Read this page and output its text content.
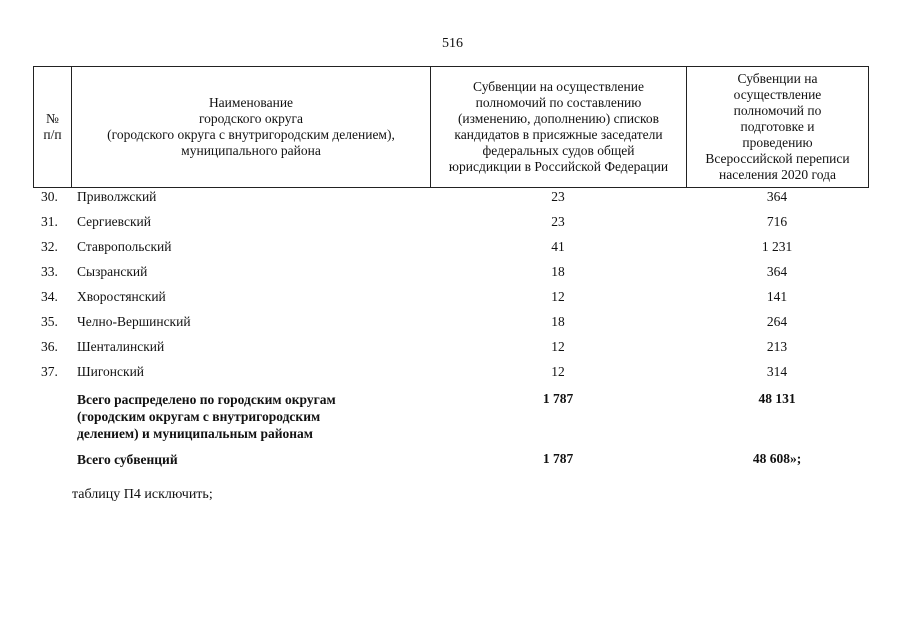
516
№
п/п

Наименование
городского округа
(городского округа с внутригородским делением),
муниципального района

Субвенции на осуществление
полномочий по составлению
(изменению, дополнению) списков
кандидатов в присяжные заседатели
федеральных судов общей
юрисдикции в Российской Федерации

Субвенции на
осуществление
полномочий по
подготовке и
проведению
Всероссийской переписи
населения 2020 года
30. Приволжский	23	364
31. Сергиевский	23	716
32. Ставропольский	41	1 231
33. Сызранский	18	364
34. Хворостянский	12	141
35. Челно-Вершинский	18	264
36. Шенталинский	12	213
37. Шигонский	12	314
Всего распределено по городским округам
(городским округам с внутригородским
делением) и муниципальным районам
1 787	48 131
Всего субвенций	1 787	48 608»;
таблицу П4 исключить;
